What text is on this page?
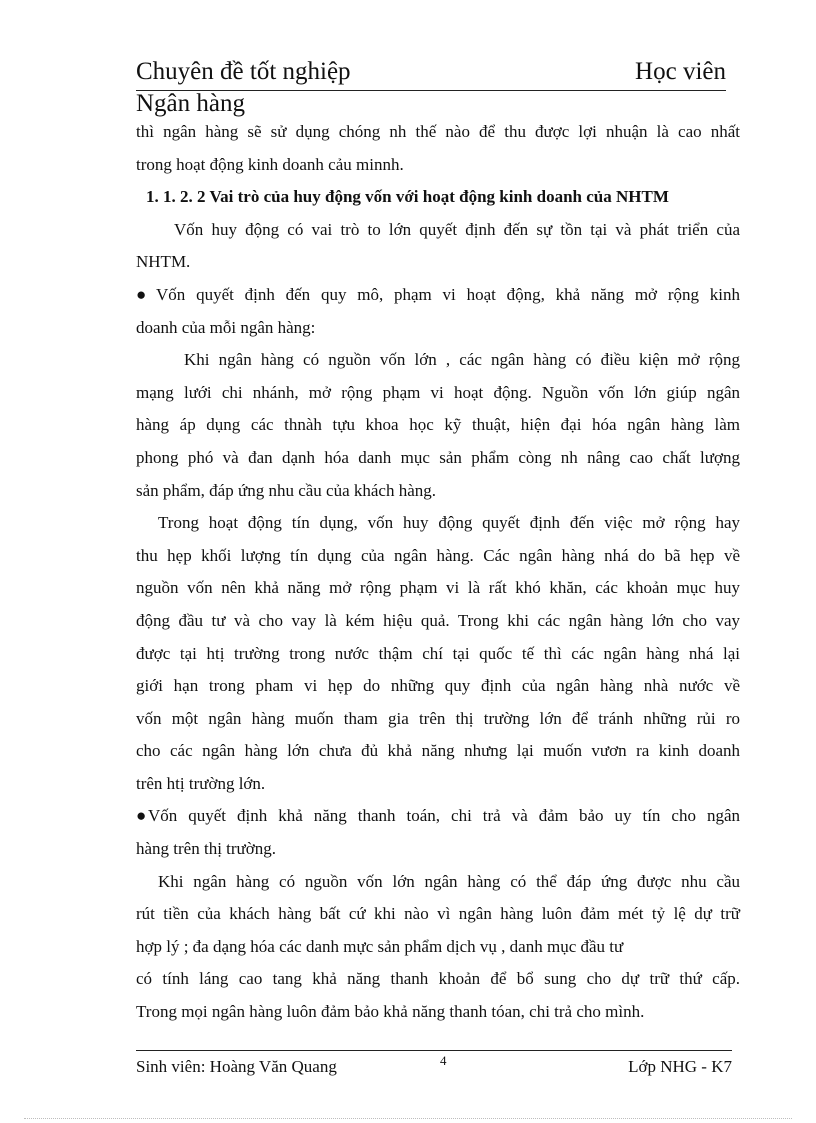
Chuyên đề tốt nghiệp	Học viên
Ngân hàng

thì ngân hàng sẽ sử dụng chóng nh thế nào để thu được lợi nhuận là cao nhất

trong hoạt động kinh doanh cảu minnh.

1. 1. 2. 2 Vai trò của huy động vốn với hoạt động kinh doanh của NHTM

Vốn huy động có vai trò to lớn quyết định đến sự tồn tại và phát triển của

NHTM.

● Vốn quyết định đến quy mô, phạm vi hoạt động, khả năng mở rộng kinh

doanh của mỗi ngân hàng:

Khi ngân hàng có nguồn vốn lớn , các ngân hàng có điều kiện mở rộng

mạng lưới chi nhánh, mở rộng phạm vi hoạt động. Nguồn vốn lớn giúp ngân

hàng áp dụng các thnàh tựu khoa học kỹ thuật, hiện đại hóa ngân hàng làm

phong phó và đan dạnh hóa danh mục sản phẩm còng nh nâng cao chất lượng

sản phẩm, đáp ứng nhu cầu của khách hàng.

Trong hoạt động tín dụng, vốn huy động quyết định đến việc mở rộng hay

thu hẹp khối lượng tín dụng của ngân hàng. Các ngân hàng nhá do bã hẹp về

nguồn vốn nên khả năng mở rộng phạm vi là rất khó khăn, các khoản mục huy

động đầu tư và cho vay là kém hiệu quả. Trong khi các ngân hàng lớn cho vay

được tại htị trường trong nước thậm chí tại quốc tế thì các ngân hàng nhá lại

giới hạn trong pham vi hẹp do những quy định của ngân hàng nhà nước về

vốn một ngân hàng muốn tham gia trên thị trường lớn để tránh những rủi ro

cho các ngân hàng lớn chưa đủ khả năng nhưng lại muốn vươn ra kinh doanh

trên htị trường lớn.

● Vốn quyết định khả năng thanh toán, chi trả và đảm bảo uy tín cho ngân

hàng trên thị trường.

Khi ngân hàng có nguồn vốn lớn ngân hàng có thể đáp ứng được nhu cầu

rút tiền của khách hàng bất cứ khi nào vì ngân hàng luôn đảm mét tỷ lệ dự trữ

hợp lý ; đa dạng hóa các danh mực sản phẩm dịch vụ , danh mục đầu tư

có tính láng cao tang khả năng thanh khoản để bổ sung cho dự trữ thứ cấp.

Trong mọi ngân hàng luôn đảm bảo khả năng thanh tóan, chi trả cho mình.

Sinh viên: Hoàng Văn Quang	4	Lớp NHG - K7
